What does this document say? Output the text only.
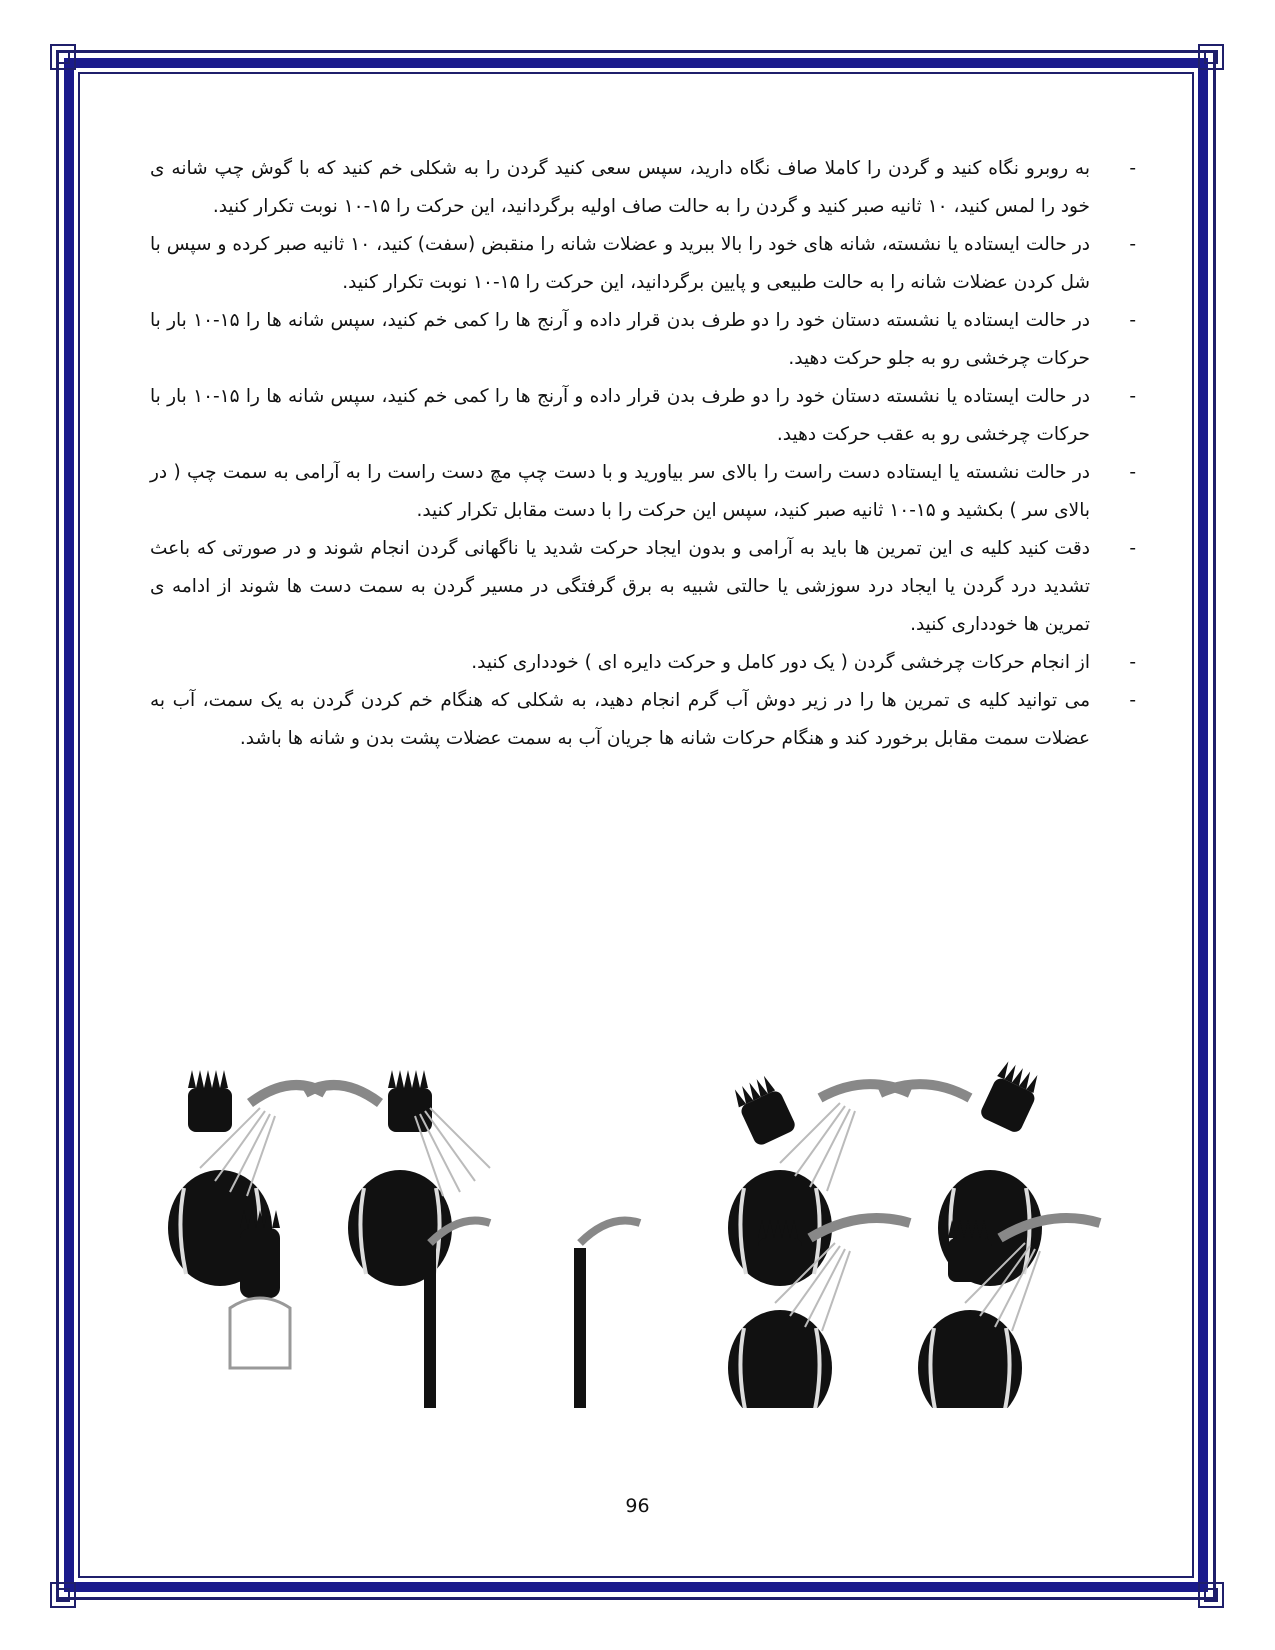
-
به روبرو نگاه کنید و گردن را کاملا صاف نگاه دارید، سپس سعی کنید گردن را به شکلی خم کنید که با گوش چپ شانه ی خود را لمس کنید، ۱۰ ثانیه صبر کنید و گردن را به حالت صاف اولیه برگردانید، این حرکت را ۱۵-۱۰ نوبت تکرار کنید.
-
در حالت ایستاده یا نشسته، شانه های خود را بالا ببرید و عضلات شانه را منقبض (سفت) کنید، ۱۰ ثانیه صبر کرده و سپس با شل کردن عضلات شانه را به حالت طبیعی و پایین برگردانید، این حرکت را ۱۵-۱۰ نوبت تکرار کنید.
-
در حالت ایستاده یا نشسته دستان خود را دو طرف بدن قرار داده و آرنج ها را کمی خم کنید، سپس شانه ها را ۱۵-۱۰ بار با حرکات چرخشی رو به جلو حرکت دهید.
-
در حالت ایستاده یا نشسته دستان خود را دو طرف بدن قرار داده و آرنج ها را کمی خم کنید، سپس شانه ها را ۱۵-۱۰ بار با حرکات چرخشی رو به عقب حرکت دهید.
-
در حالت نشسته یا ایستاده دست راست را بالای سر بیاورید و با دست چپ مچ دست راست را به آرامی به سمت چپ ( در بالای سر ) بکشید و ۱۵-۱۰ ثانیه صبر کنید، سپس این حرکت را با دست مقابل تکرار کنید.
-
دقت کنید کلیه ی این تمرین ها باید به آرامی و بدون ایجاد حرکت شدید یا ناگهانی گردن انجام شوند و در صورتی که باعث تشدید درد گردن یا ایجاد درد سوزشی یا حالتی شبیه به برق گرفتگی در مسیر گردن به سمت دست ها شوند از ادامه ی تمرین ها خودداری کنید.
-
از انجام حرکات چرخشی گردن ( یک دور کامل و حرکت دایره ای ) خودداری کنید.
-
می توانید کلیه ی تمرین ها را در زیر دوش آب گرم انجام دهید، به شکلی که هنگام خم کردن گردن به یک سمت، آب به عضلات سمت مقابل برخورد کند و هنگام حرکات شانه ها جریان آب به سمت عضلات پشت بدن و شانه ها باشد.
96
